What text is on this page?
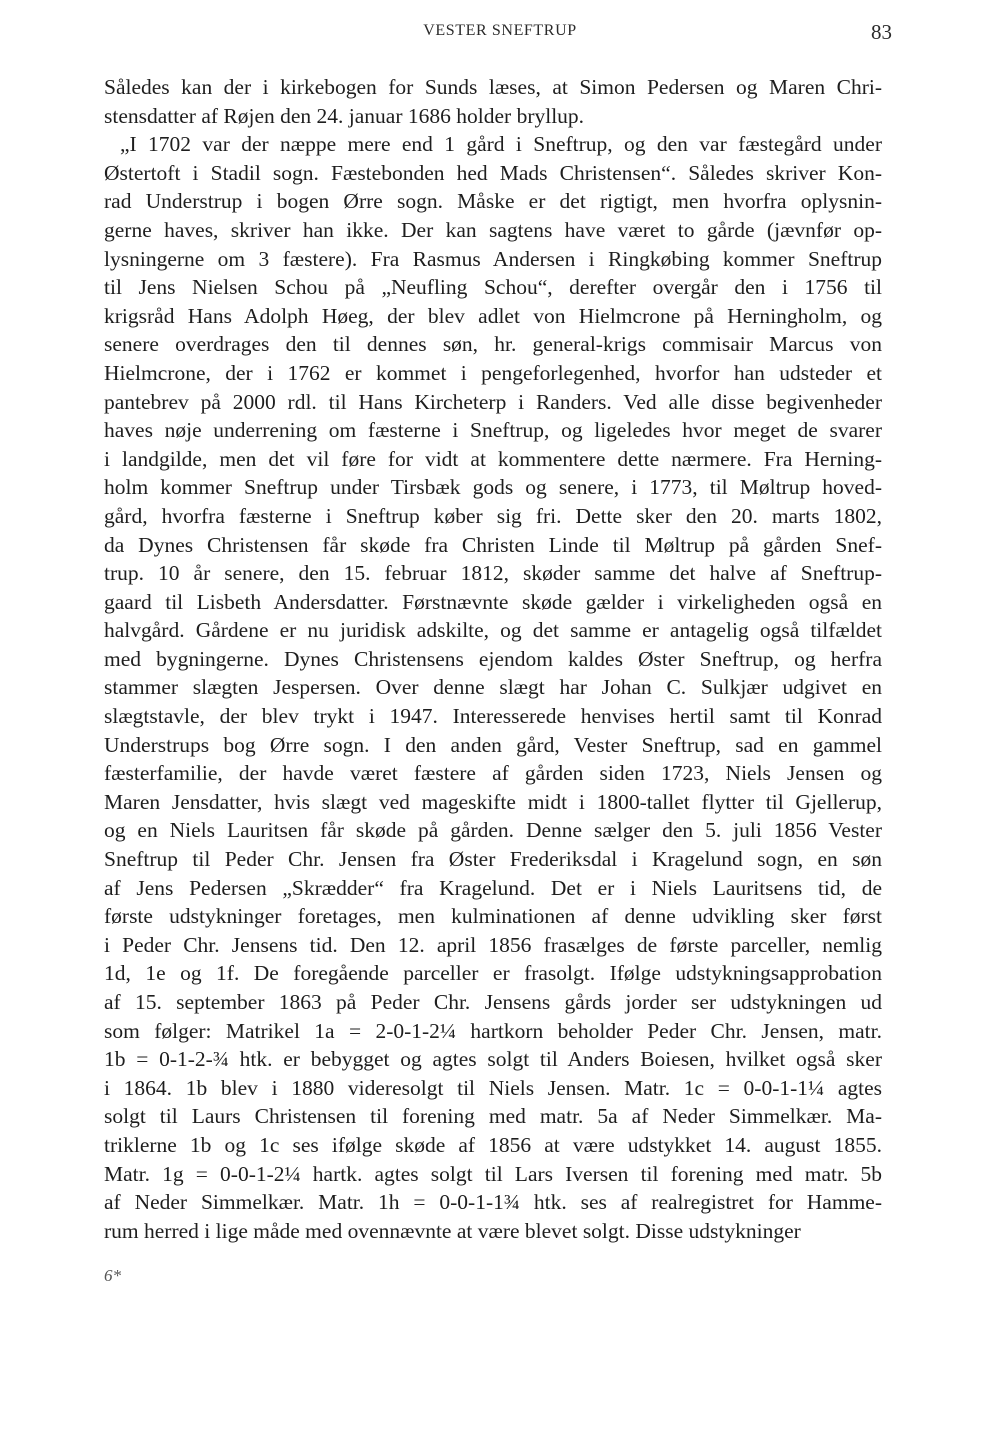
VESTER SNEFTRUP	83
Således kan der i kirkebogen for Sunds læses, at Simon Pedersen og Maren Chri-
stensdatter af Røjen den 24. januar 1686 holder bryllup.
„I 1702 var der næppe mere end 1 gård i Sneftrup, og den var fæstegård under
Østertoft i Stadil sogn. Fæstebonden hed Mads Christensen“. Således skriver Kon-
rad Understrup i bogen Ørre sogn. Måske er det rigtigt, men hvorfra oplysnin-
gerne haves, skriver han ikke. Der kan sagtens have været to gårde (jævnfør op-
lysningerne om 3 fæstere). Fra Rasmus Andersen i Ringkøbing kommer Sneftrup
til Jens Nielsen Schou på „Neufling Schou“, derefter overgår den i 1756 til
krigsråd Hans Adolph Høeg, der blev adlet von Hielmcrone på Herningholm, og
senere overdrages den til dennes søn, hr. general-krigs commisair Marcus von
Hielmcrone, der i 1762 er kommet i pengeforlegenhed, hvorfor han udsteder et
pantebrev på 2000 rdl. til Hans Kircheterp i Randers. Ved alle disse begivenheder
haves nøje underrening om fæsterne i Sneftrup, og ligeledes hvor meget de svarer
i landgilde, men det vil føre for vidt at kommentere dette nærmere. Fra Herning-
holm kommer Sneftrup under Tirsbæk gods og senere, i 1773, til Møltrup hoved-
gård, hvorfra fæsterne i Sneftrup køber sig fri. Dette sker den 20. marts 1802,
da Dynes Christensen får skøde fra Christen Linde til Møltrup på gården Snef-
trup. 10 år senere, den 15. februar 1812, skøder samme det halve af Sneftrup-
gaard til Lisbeth Andersdatter. Førstnævnte skøde gælder i virkeligheden også en
halvgård. Gårdene er nu juridisk adskilte, og det samme er antagelig også tilfældet
med bygningerne. Dynes Christensens ejendom kaldes Øster Sneftrup, og herfra
stammer slægten Jespersen. Over denne slægt har Johan C. Sulkjær udgivet en
slægtstavle, der blev trykt i 1947. Interesserede henvises hertil samt til Konrad
Understrups bog Ørre sogn. I den anden gård, Vester Sneftrup, sad en gammel
fæsterfamilie, der havde været fæstere af gården siden 1723, Niels Jensen og
Maren Jensdatter, hvis slægt ved mageskifte midt i 1800-tallet flytter til Gjellerup,
og en Niels Lauritsen får skøde på gården. Denne sælger den 5. juli 1856 Vester
Sneftrup til Peder Chr. Jensen fra Øster Frederiksdal i Kragelund sogn, en søn
af Jens Pedersen „Skrædder“ fra Kragelund. Det er i Niels Lauritsens tid, de
første udstykninger foretages, men kulminationen af denne udvikling sker først
i Peder Chr. Jensens tid. Den 12. april 1856 frasælges de første parceller, nemlig
1d, 1e og 1f. De foregående parceller er frasolgt. Ifølge udstykningsapprobation
af 15. september 1863 på Peder Chr. Jensens gårds jorder ser udstykningen ud
som følger: Matrikel 1a = 2-0-1-2¼ hartkorn beholder Peder Chr. Jensen, matr.
1b = 0-1-2-¾ htk. er bebygget og agtes solgt til Anders Boiesen, hvilket også sker
i 1864. 1b blev i 1880 videresolgt til Niels Jensen. Matr. 1c = 0-0-1-1¼ agtes
solgt til Laurs Christensen til forening med matr. 5a af Neder Simmelkær. Ma-
triklerne 1b og 1c ses ifølge skøde af 1856 at være udstykket 14. august 1855.
Matr. 1g = 0-0-1-2¼ hartk. agtes solgt til Lars Iversen til forening med matr. 5b
af Neder Simmelkær. Matr. 1h = 0-0-1-1¾ htk. ses af realregistret for Hamme-
rum herred i lige måde med ovennævnte at være blevet solgt. Disse udstykninger
6*
